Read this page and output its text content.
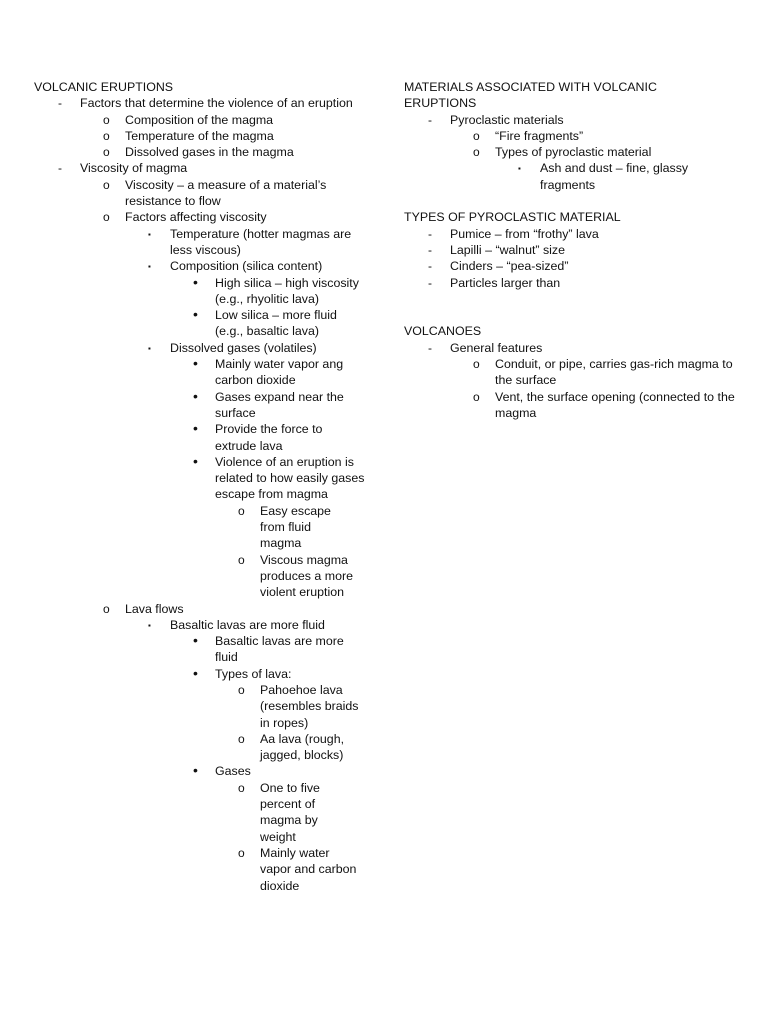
VOLCANIC ERUPTIONS
- Factors that determine the violence of an eruption
o Composition of the magma
o Temperature of the magma
o Dissolved gases in the magma
- Viscosity of magma
o Viscosity – a measure of a material’s resistance to flow
o Factors affecting viscosity
▪ Temperature (hotter magmas are less viscous)
▪ Composition (silica content)
• High silica – high viscosity (e.g., rhyolitic lava)
• Low silica – more fluid (e.g., basaltic lava)
▪ Dissolved gases (volatiles)
• Mainly water vapor ang carbon dioxide
• Gases expand near the surface
• Provide the force to extrude lava
• Violence of an eruption is related to how easily gases escape from magma
o Easy escape from fluid magma
o Viscous magma produces a more violent eruption
o Lava flows
▪ Basaltic lavas are more fluid
• Basaltic lavas are more fluid
• Types of lava:
o Pahoehoe lava (resembles braids in ropes)
o Aa lava (rough, jagged, blocks)
• Gases
o One to five percent of magma by weight
o Mainly water vapor and carbon dioxide
MATERIALS ASSOCIATED WITH VOLCANIC ERUPTIONS
- Pyroclastic materials
o “Fire fragments”
o Types of pyroclastic material
▪ Ash and dust – fine, glassy fragments
TYPES OF PYROCLASTIC MATERIAL
- Pumice – from “frothy” lava
- Lapilli – “walnut” size
- Cinders – “pea-sized”
- Particles larger than
VOLCANOES
- General features
o Conduit, or pipe, carries gas-rich magma to the surface
o Vent, the surface opening (connected to the magma
